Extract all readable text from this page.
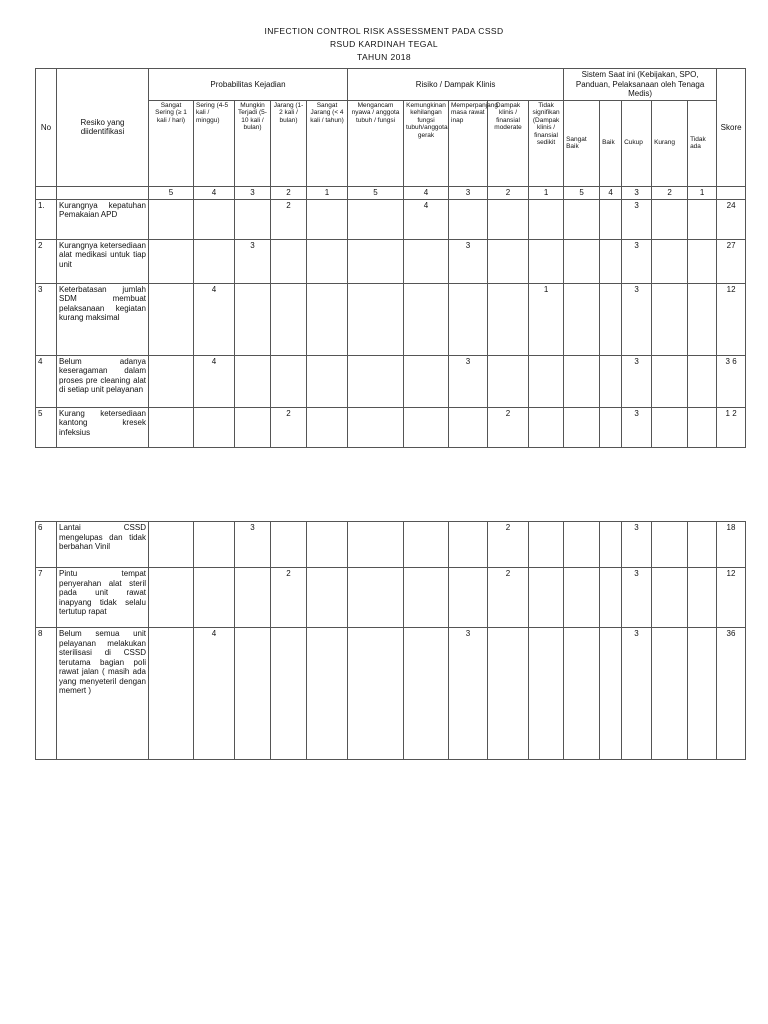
INFECTION CONTROL RISK ASSESSMENT PADA CSSD
RSUD KARDINAH TEGAL
TAHUN 2018
No	Resiko yang diidentifikasi	Probabilitas Kejadian					Risiko / Dampak Klinis					Sistem Saat ini (Kebijakan, SPO, Panduan, Pelaksanaan oleh Tenaga Medis)					Skore
		Sangat Sering (≥ 1 kali / hari)	Sering (4-5 kali / minggu)	Mungkin Terjadi (5-10 kali / bulan)	Jarang (1-2 kali / bulan)	Sangat Jarang (< 4 kali / tahun)	Mengancam nyawa / anggota tubuh / fungsi	Kemungkinan kehilangan fungsi tubuh/anggota gerak	Memperpanjang masa rawat inap	Dampak klinis / finansial moderate	Tidak signifikan (Dampak klinis / finansial sedikit	Sangat Baik	Baik	Cukup	Kurang	Tidak ada	
		5	4	3	2	1	5	4	3	2	1	5	4	3	2	1	
1.	Kurangnya kepatuhan Pemakaian APD				2			4						3			24
2	Kurangnya ketersediaan alat medikasi untuk tiap unit			3					3					3			27
3	Keterbatasan jumlah SDM membuat pelaksanaan kegiatan kurang maksimal		4								1			3			12
4	Belum adanya keseragaman dalam proses pre cleaning alat di setiap unit pelayanan		4						3					3			3 6
5	Kurang ketersediaan kantong kresek infeksius				2					2				3			1 2
6	Lantai CSSD mengelupas dan tidak berbahan Vinil			3						2				3			18
7	Pintu tempat penyerahan alat steril pada unit rawat inapyang tidak selalu tertutup rapat				2					2				3			12
8	Belum semua unit pelayanan melakukan sterilisasi di CSSD terutama bagian poli rawat jalan ( masih ada yang menyeteril dengan memert )		4						3					3			36
